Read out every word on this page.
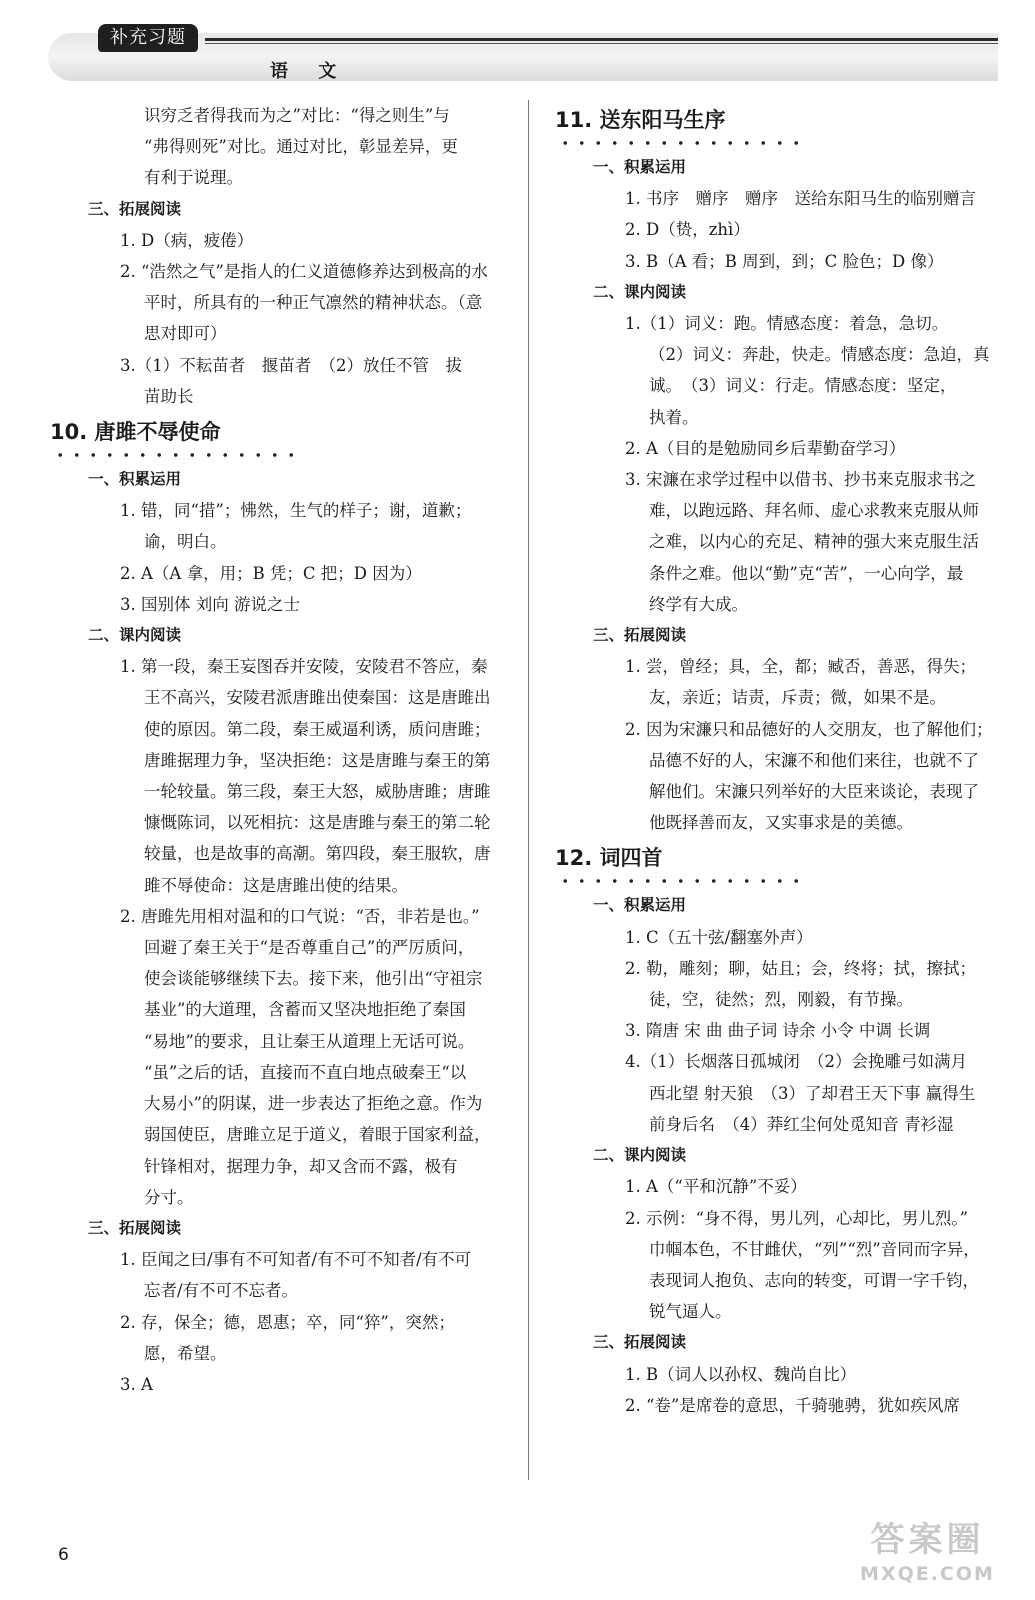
补充习题
语 文
识穷乏者得我而为之”对比：“得之则生”与
“弗得则死”对比。通过对比，彰显差异，更
有利于说理。
三、拓展阅读
1. D（病，疲倦）
2. “浩然之气”是指人的仁义道德修养达到极高的水
平时，所具有的一种正气凛然的精神状态。（意
思对即可）
3.（1）不耘苗者　揠苗者　（2）放任不管　拔
苗助长
10. 唐雎不辱使命
一、积累运用
1. 错，同“措”；怫然，生气的样子；谢，道歉；
谕，明白。
2. A（A 拿，用；B 凭；C 把；D 因为）
3. 国别体 刘向 游说之士
二、课内阅读
1. 第一段，秦王妄图吞并安陵，安陵君不答应，秦
王不高兴，安陵君派唐雎出使秦国：这是唐雎出
使的原因。第二段，秦王威逼利诱，质问唐雎；
唐雎据理力争，坚决拒绝：这是唐雎与秦王的第
一轮较量。第三段，秦王大怒，威胁唐雎；唐雎
慷慨陈词，以死相抗：这是唐雎与秦王的第二轮
较量，也是故事的高潮。第四段，秦王服软，唐
雎不辱使命：这是唐雎出使的结果。
2. 唐雎先用相对温和的口气说：“否，非若是也。”
回避了秦王关于“是否尊重自己”的严厉质问，
使会谈能够继续下去。接下来，他引出“守祖宗
基业”的大道理，含蓄而又坚决地拒绝了秦国
“易地”的要求，且让秦王从道理上无话可说。
“虽”之后的话，直接而不直白地点破秦王“以
大易小”的阴谋，进一步表达了拒绝之意。作为
弱国使臣，唐雎立足于道义，着眼于国家利益，
针锋相对，据理力争，却又含而不露，极有
分寸。
三、拓展阅读
1. 臣闻之曰/事有不可知者/有不可不知者/有不可
忘者/有不可不忘者。
2. 存，保全；德，恩惠；卒，同“猝”，突然；
愿，希望。
3. A
11. 送东阳马生序
一、积累运用
1. 书序　赠序　赠序　送给东阳马生的临别赠言
2. D（贽，zhì）
3. B（A 看；B 周到，到；C 脸色；D 像）
二、课内阅读
1.（1）词义：跑。情感态度：着急，急切。
（2）词义：奔赴，快走。情感态度：急迫，真
诚。　（3）词义：行走。情感态度：坚定，
执着。
2. A（目的是勉励同乡后辈勤奋学习）
3. 宋濂在求学过程中以借书、抄书来克服求书之
难，以跑远路、拜名师、虚心求教来克服从师
之难，以内心的充足、精神的强大来克服生活
条件之难。他以“勤”克“苦”，一心向学，最
终学有大成。
三、拓展阅读
1. 尝，曾经；具，全，都；臧否，善恶，得失；
友，亲近；诘责，斥责；微，如果不是。
2. 因为宋濂只和品德好的人交朋友，也了解他们；
品德不好的人，宋濂不和他们来往，也就不了
解他们。宋濂只列举好的大臣来谈论，表现了
他既择善而友，又实事求是的美德。
12. 词四首
一、积累运用
1. C（五十弦/翻塞外声）
2. 勒，雕刻；聊，姑且；会，终将；拭，擦拭；
徒，空，徒然；烈，刚毅，有节操。
3. 隋唐 宋 曲 曲子词 诗余 小令 中调 长调
4.（1）长烟落日孤城闭　（2）会挽雕弓如满月
西北望 射天狼　（3）了却君王天下事 赢得生
前身后名　（4）莽红尘何处觅知音 青衫湿
二、课内阅读
1. A（“平和沉静”不妥）
2. 示例：“身不得，男儿列，心却比，男儿烈。”
巾帼本色，不甘雌伏，“列”“烈”音同而字异，
表现词人抱负、志向的转变，可谓一字千钧，
锐气逼人。
三、拓展阅读
1. B（词人以孙权、魏尚自比）
2. “卷”是席卷的意思，千骑驰骋，犹如疾风席
6	答案圈
MXQE.COM
